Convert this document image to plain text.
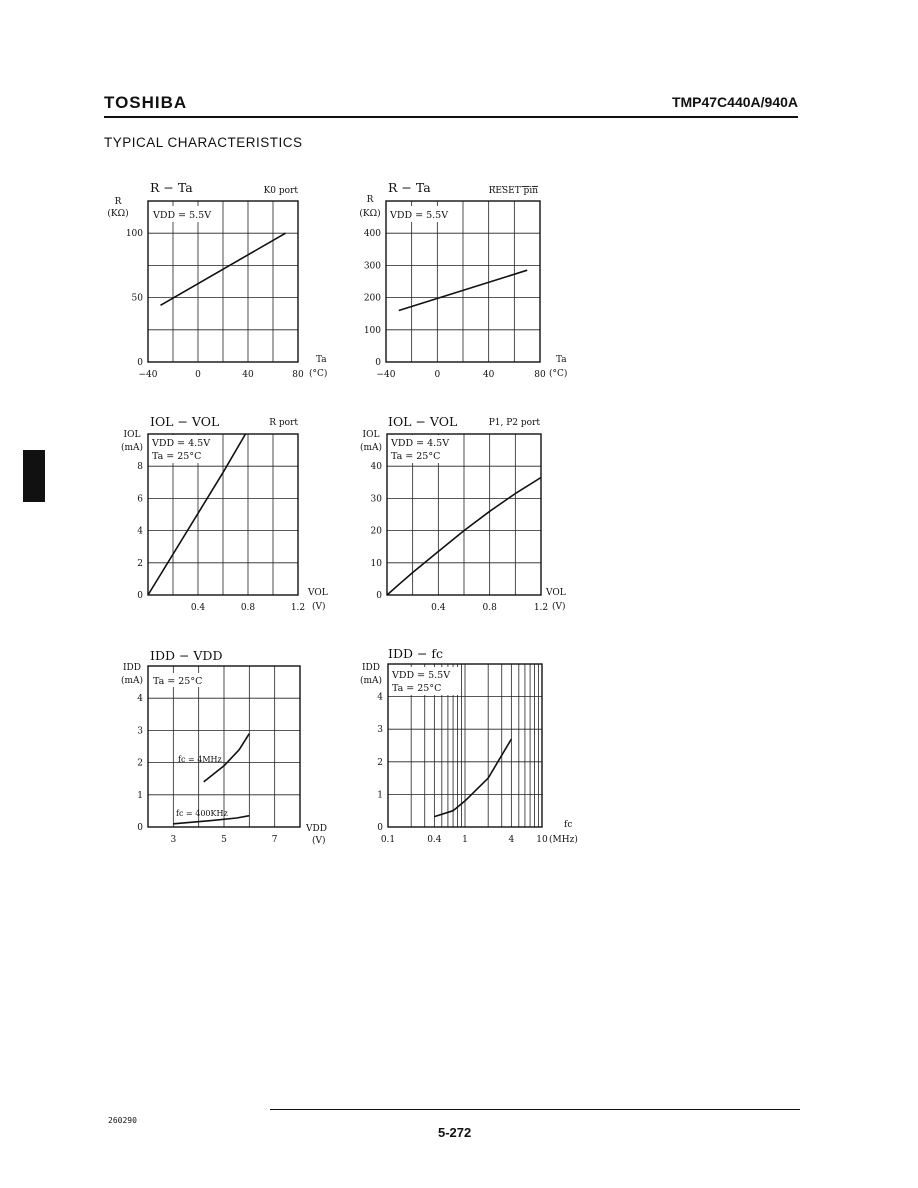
TOSHIBA	TMP47C440A/940A
TYPICAL CHARACTERISTICS
R − Ta	K0 port
R
(KΩ)
Ta
(°C)
−40	0	40	80
0
50
100
VDD = 5.5V
R − Ta	RESET pin
R
(KΩ)
Ta
(°C)
−40	0	40	80
0
100
200
300
400
VDD = 5.5V
IOL − VOL	R port
IOL
(mA)
VOL
(V)
0.4	0.8	1.2
0
2
4
6
8
VDD = 4.5V
Ta = 25°C
IOL − VOL	P1, P2 port
IOL
(mA)
VOL
(V)
0.4	0.8	1.2
0
10
20
30
40
VDD = 4.5V
Ta = 25°C
IDD − VDD
IDD
(mA)
VDD
(V)
3	5	7
0
1
2
3
4
Ta = 25°C
fc = 4MHz
fc = 400KHz
IDD − fc
IDD
(mA)
fc
(MHz)
0.1	0.4 1	4 10
0
1
2
3
4
VDD = 5.5V
Ta = 25°C
260290
5-272
